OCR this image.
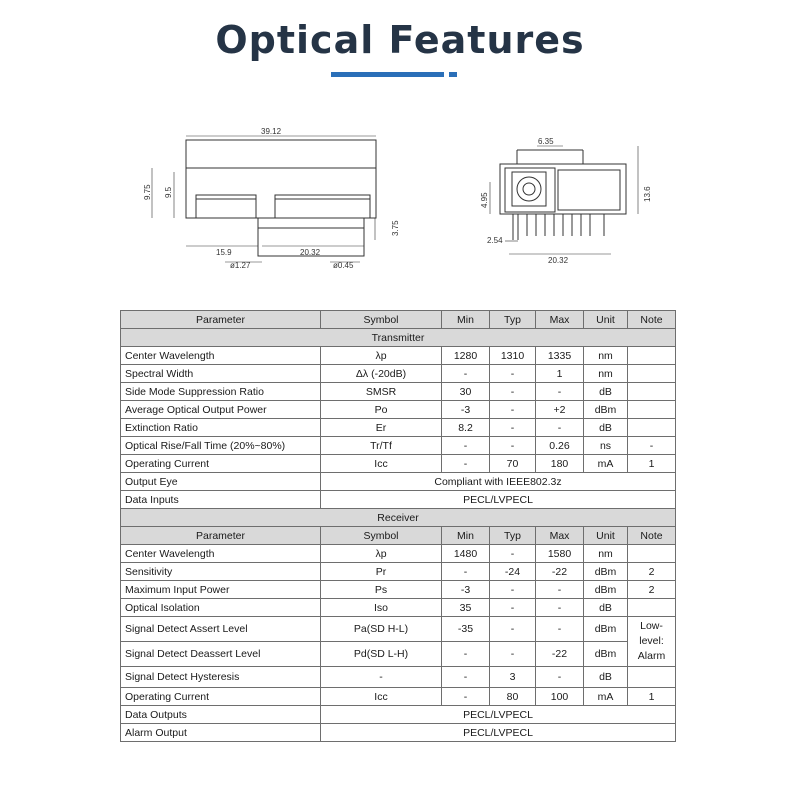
Optical Features
39.12
9.75 9.5
3.75
15.9	20.32
ø1.27	ø0.45
6.35
4.95	13.6
2.54
20.32
Parameter	Symbol	Min	Typ	Max	Unit	Note
Transmitter						
Center Wavelength	λp	1280	1310	1335	nm	
Spectral Width	Δλ (-20dB)	-	-	1	nm	
Side Mode Suppression Ratio	SMSR	30	-	-	dB	
Average Optical Output Power	Po	-3	-	+2	dBm	
Extinction Ratio	Er	8.2	-	-	dB	
Optical Rise/Fall Time (20%~80%)	Tr/Tf	-	-	0.26	ns	-
Operating Current	Icc	-	70	180	mA	1
Output Eye	Compliant with IEEE802.3z					
Data Inputs	PECL/LVPECL					
Receiver						
Parameter	Symbol	Min	Typ	Max	Unit	Note
Center Wavelength	λp	1480	-	1580	nm	
Sensitivity	Pr	-	-24	-22	dBm	2
Maximum Input Power	Ps	-3	-	-	dBm	2
Optical Isolation	Iso	35	-	-	dB	
Signal Detect Assert Level	Pa(SD H-L)	-35	-	-	dBm	Low-level: Alarm
Signal Detect Deassert Level	Pd(SD L-H)	-	-	-22	dBm	
Signal Detect Hysteresis	-	-	3	-	dB	
Operating Current	Icc	-	80	100	mA	1
Data Outputs	PECL/LVPECL					
Alarm Output	PECL/LVPECL					
